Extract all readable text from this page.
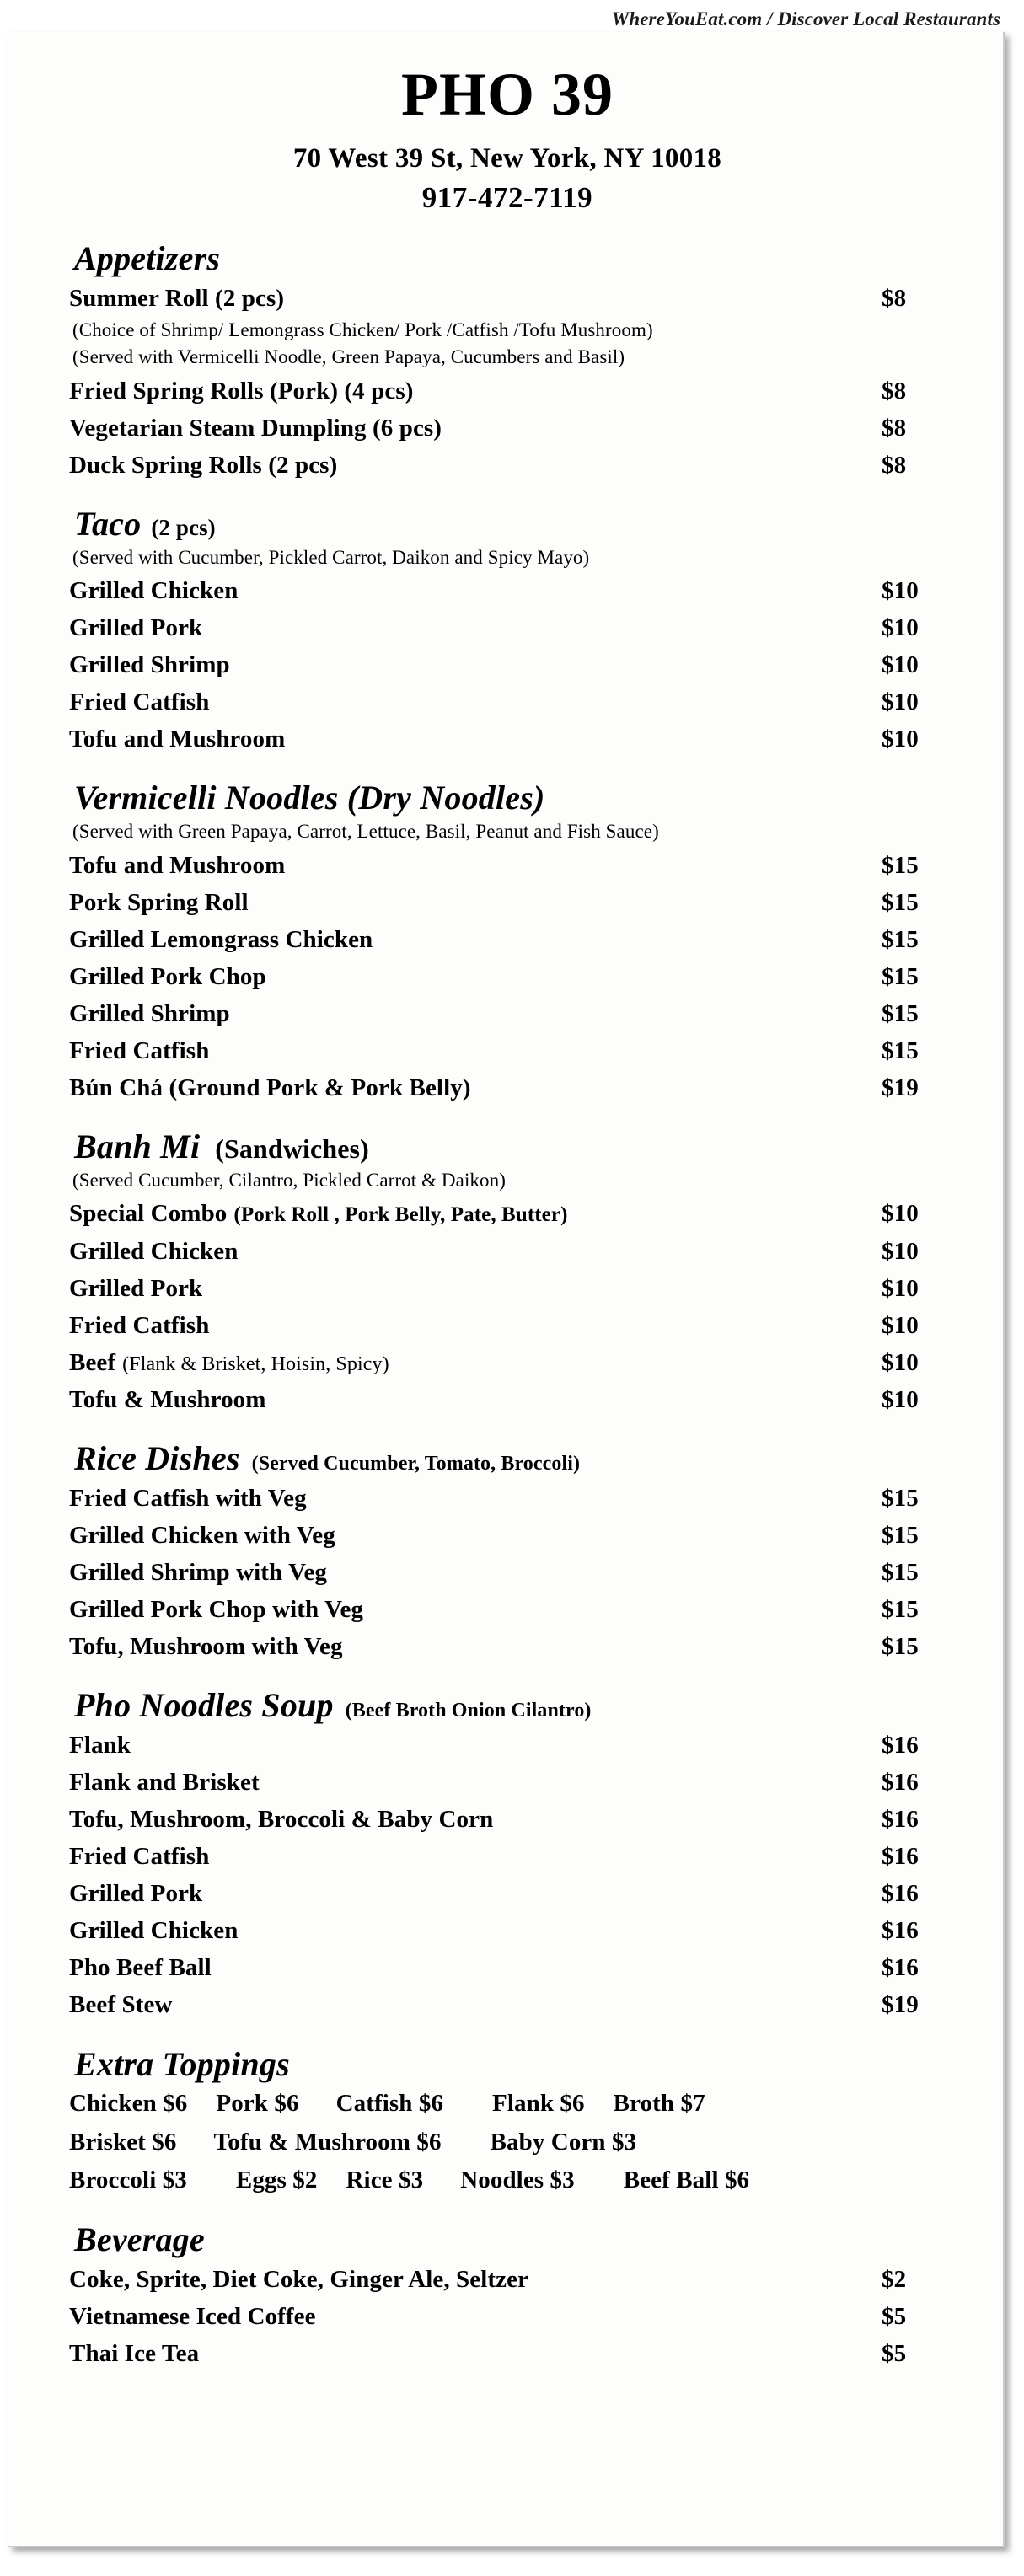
WhereYouEat.com / Discover Local Restaurants
PHO 39
70 West 39 St, New York, NY 10018
917-472-7119
Appetizers
Summer Roll (2 pcs)	$8
(Choice of Shrimp/ Lemongrass Chicken/ Pork /Catfish /Tofu Mushroom)
(Served with Vermicelli Noodle, Green Papaya, Cucumbers and Basil)
Fried Spring Rolls (Pork) (4 pcs)	$8
Vegetarian Steam Dumpling (6 pcs)	$8
Duck Spring Rolls (2 pcs)	$8
Taco (2 pcs)
(Served with Cucumber, Pickled Carrot, Daikon and Spicy Mayo)
Grilled Chicken	$10
Grilled Pork	$10
Grilled Shrimp	$10
Fried Catfish	$10
Tofu and Mushroom	$10
Vermicelli Noodles (Dry Noodles)
(Served with Green Papaya, Carrot, Lettuce, Basil, Peanut and Fish Sauce)
Tofu and Mushroom	$15
Pork Spring Roll	$15
Grilled Lemongrass Chicken	$15
Grilled Pork Chop	$15
Grilled Shrimp	$15
Fried Catfish	$15
Bún Chá (Ground Pork & Pork Belly)	$19
Banh Mi (Sandwiches)
(Served Cucumber, Cilantro, Pickled Carrot & Daikon)
Special Combo (Pork Roll , Pork Belly, Pate, Butter)	$10
Grilled Chicken	$10
Grilled Pork	$10
Fried Catfish	$10
Beef (Flank & Brisket, Hoisin, Spicy)	$10
Tofu & Mushroom	$10
Rice Dishes (Served Cucumber, Tomato, Broccoli)
Fried Catfish with Veg	$15
Grilled Chicken with Veg	$15
Grilled Shrimp with Veg	$15
Grilled Pork Chop with Veg	$15
Tofu, Mushroom with Veg	$15
Pho Noodles Soup (Beef Broth Onion Cilantro)
Flank	$16
Flank and Brisket	$16
Tofu, Mushroom, Broccoli & Baby Corn	$16
Fried Catfish	$16
Grilled Pork	$16
Grilled Chicken	$16
Pho Beef Ball	$16
Beef Stew	$19
Extra Toppings
Chicken $6 Pork $6 Catfish $6 Flank $6 Broth $7
Brisket $6 Tofu & Mushroom $6 Baby Corn $3
Broccoli $3 Eggs $2 Rice $3 Noodles $3 Beef Ball $6
Beverage
Coke, Sprite, Diet Coke, Ginger Ale, Seltzer	$2
Vietnamese Iced Coffee	$5
Thai Ice Tea	$5
